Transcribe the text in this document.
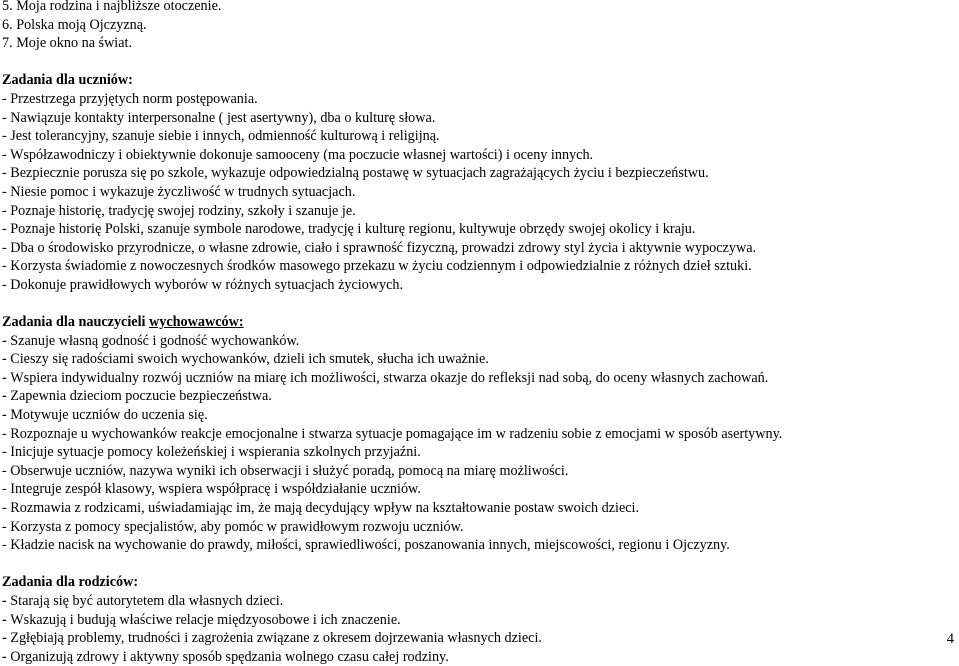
5. Moja rodzina i najbliższe otoczenie.

6. Polska moją Ojczyzną.

7. Moje okno na świat.

Zadania dla uczniów:

- Przestrzega przyjętych norm postępowania.

- Nawiązuje kontakty interpersonalne ( jest asertywny), dba o kulturę słowa.

- Jest tolerancyjny, szanuje siebie i innych, odmienność kulturową i religijną.

- Współzawodniczy i obiektywnie dokonuje samooceny (ma poczucie własnej wartości) i oceny innych.

- Bezpiecznie porusza się po szkole, wykazuje odpowiedzialną postawę w sytuacjach zagrażających życiu i bezpieczeństwu.

- Niesie pomoc i wykazuje życzliwość w trudnych sytuacjach.

- Poznaje historię, tradycję swojej rodziny, szkoły i szanuje je.

- Poznaje historię Polski, szanuje symbole narodowe, tradycję i kulturę regionu, kultywuje obrzędy swojej okolicy i kraju.

- Dba o środowisko przyrodnicze, o własne zdrowie, ciało i sprawność fizyczną, prowadzi zdrowy styl życia i aktywnie wypoczywa.

- Korzysta świadomie z nowoczesnych środków masowego przekazu w życiu codziennym i odpowiedzialnie z różnych dzieł sztuki.

- Dokonuje prawidłowych wyborów w różnych sytuacjach życiowych.

Zadania dla nauczycieli wychowawców:

- Szanuje własną godność i godność wychowanków.

- Cieszy się radościami swoich wychowanków, dzieli ich smutek, słucha ich uważnie.

- Wspiera indywidualny rozwój uczniów na miarę ich możliwości, stwarza okazje do refleksji nad sobą, do oceny własnych zachowań.

- Zapewnia dzieciom poczucie bezpieczeństwa.

- Motywuje uczniów do uczenia się.

- Rozpoznaje u wychowanków reakcje emocjonalne i stwarza sytuacje pomagające im w radzeniu sobie z emocjami w sposób asertywny.

- Inicjuje sytuacje pomocy koleżeńskiej i wspierania szkolnych przyjaźni.

- Obserwuje uczniów, nazywa wyniki ich obserwacji i służyć poradą, pomocą na miarę możliwości.

- Integruje zespół klasowy, wspiera współpracę i współdziałanie uczniów.

- Rozmawia z rodzicami, uświadamiając im, że mają decydujący wpływ na kształtowanie postaw swoich dzieci.

- Korzysta z pomocy specjalistów, aby pomóc w prawidłowym rozwoju uczniów.

- Kładzie nacisk na wychowanie do prawdy, miłości, sprawiedliwości, poszanowania innych, miejscowości, regionu i Ojczyzny.

Zadania dla rodziców:

- Starają się być autorytetem dla własnych dzieci.

- Wskazują i budują właściwe relacje międzyosobowe i ich znaczenie.

- Zgłębiają problemy, trudności i zagrożenia związane z okresem dojrzewania własnych dzieci.

- Organizują zdrowy i aktywny sposób spędzania wolnego czasu całej rodziny.

4
